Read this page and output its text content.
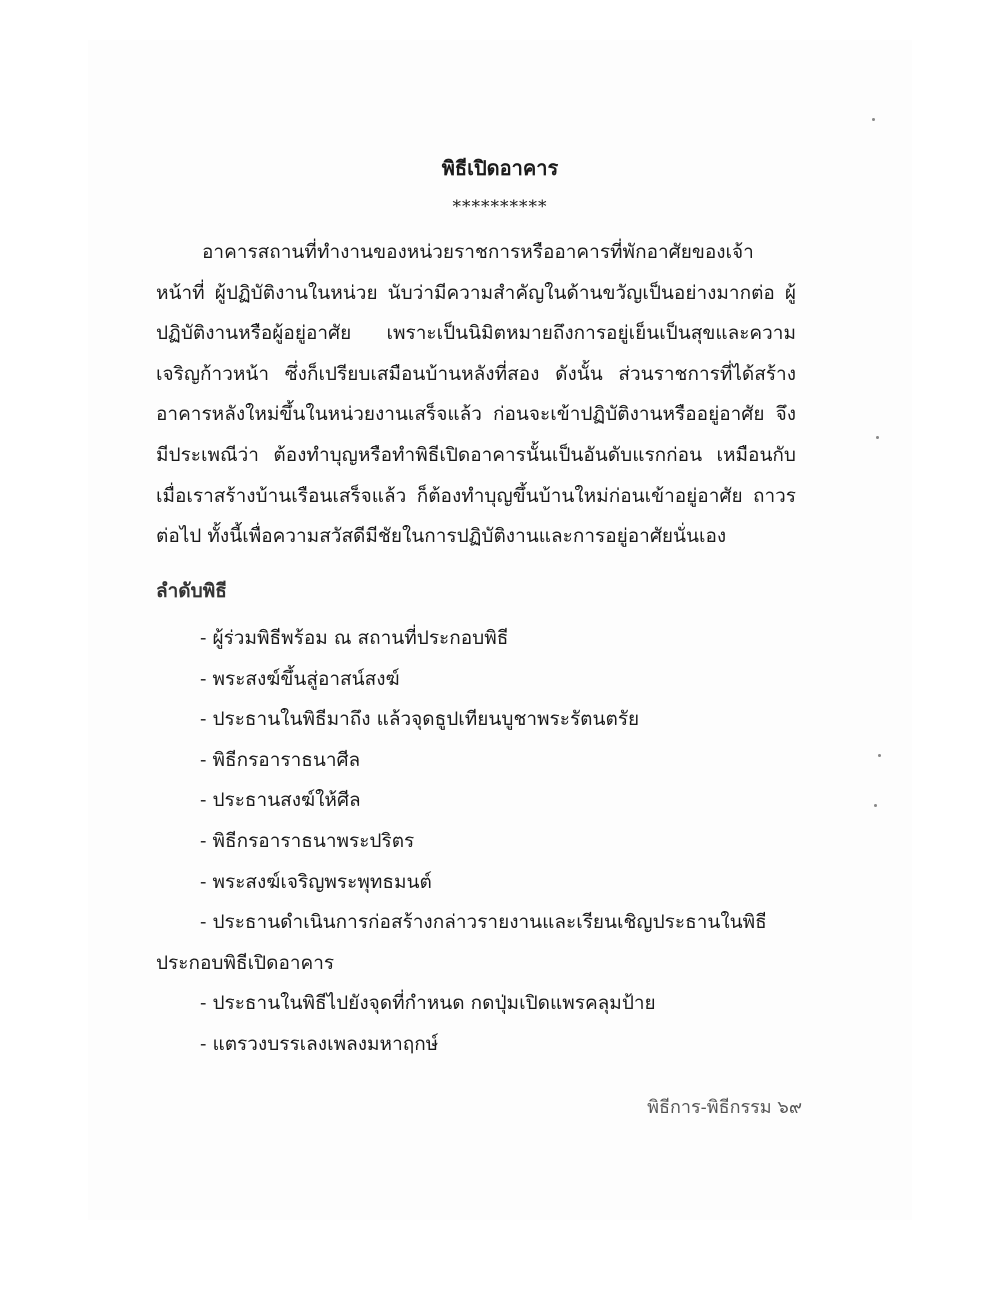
พิธีเปิดอาคาร
**********
อาคารสถานที่ทำงานของหน่วยราชการหรืออาคารที่พักอาศัยของเจ้าหน้าที่ ผู้ปฏิบัติงานในหน่วย นับว่ามีความสำคัญในด้านขวัญเป็นอย่างมากต่อ ผู้ปฏิบัติงานหรือผู้อยู่อาศัย เพราะเป็นนิมิตหมายถึงการอยู่เย็นเป็นสุขและความ เจริญก้าวหน้า ซึ่งก็เปรียบเสมือนบ้านหลังที่สอง ดังนั้น ส่วนราชการที่ได้สร้าง อาคารหลังใหม่ขึ้นในหน่วยงานเสร็จแล้ว ก่อนจะเข้าปฏิบัติงานหรืออยู่อาศัย จึงมีประเพณีว่า ต้องทำบุญหรือทำพิธีเปิดอาคารนั้นเป็นอันดับแรกก่อน เหมือนกับเมื่อเราสร้างบ้านเรือนเสร็จแล้ว ก็ต้องทำบุญขึ้นบ้านใหม่ก่อนเข้าอยู่อาศัย ถาวรต่อไป ทั้งนี้เพื่อความสวัสดีมีชัยในการปฏิบัติงานและการอยู่อาศัยนั่นเอง
ลำดับพิธี
- ผู้ร่วมพิธีพร้อม ณ สถานที่ประกอบพิธี
- พระสงฆ์ขึ้นสู่อาสน์สงฆ์
- ประธานในพิธีมาถึง แล้วจุดธูปเทียนบูชาพระรัตนตรัย
- พิธีกรอาราธนาศีล
- ประธานสงฆ์ให้ศีล
- พิธีกรอาราธนาพระปริตร
- พระสงฆ์เจริญพระพุทธมนต์
- ประธานดำเนินการก่อสร้างกล่าวรายงานและเรียนเชิญประธานในพิธี
ประกอบพิธีเปิดอาคาร
- ประธานในพิธีไปยังจุดที่กำหนด กดปุ่มเปิดแพรคลุมป้าย
- แตรวงบรรเลงเพลงมหาฤกษ์
พิธีการ-พิธีกรรม ๖๙
